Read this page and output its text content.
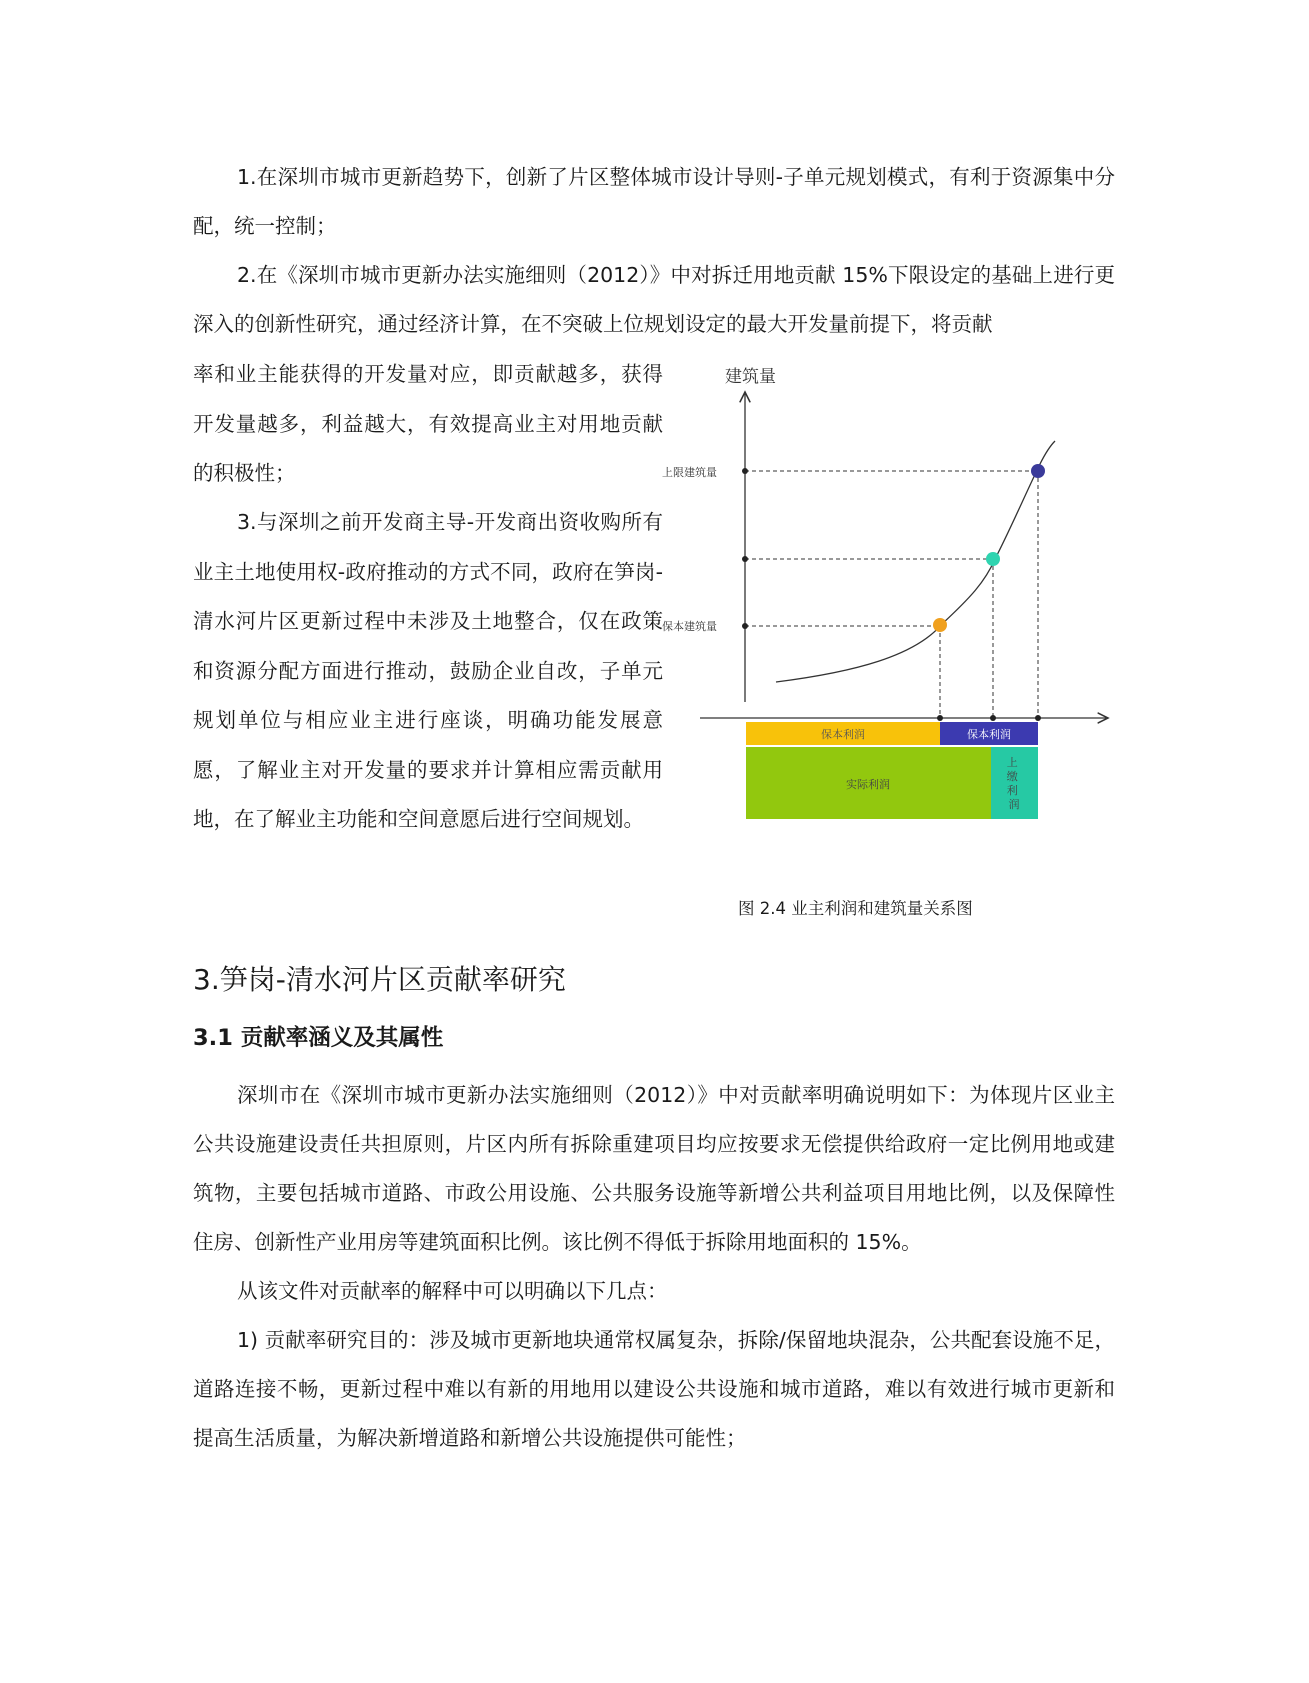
1.在深圳市城市更新趋势下，创新了片区整体城市设计导则-子单元规划模式，有利于资源集中分配，统一控制；

2.在《深圳市城市更新办法实施细则（2012）》中对拆迁用地贡献 15%下限设定的基础上进行更深入的创新性研究，通过经济计算，在不突破上位规划设定的最大开发量前提下，将贡献

率和业主能获得的开发量对应，即贡献越多，获得开发量越多，利益越大，有效提高业主对用地贡献的积极性；

3.与深圳之前开发商主导-开发商出资收购所有业主土地使用权-政府推动的方式不同，政府在笋岗-清水河片区更新过程中未涉及土地整合，仅在政策和资源分配方面进行推动，鼓励企业自改，子单元规划单位与相应业主进行座谈，明确功能发展意愿，了解业主对开发量的要求并计算相应需贡献用地，在了解业主功能和空间意愿后进行空间规划。

建筑量
上限建筑量
保本建筑量
保本利润	保本利润
实际利润
上 缴 利 润

图 2.4 业主利润和建筑量关系图

3.笋岗-清水河片区贡献率研究
3.1 贡献率涵义及其属性

深圳市在《深圳市城市更新办法实施细则（2012）》中对贡献率明确说明如下：为体现片区业主公共设施建设责任共担原则，片区内所有拆除重建项目均应按要求无偿提供给政府一定比例用地或建筑物，主要包括城市道路、市政公用设施、公共服务设施等新增公共利益项目用地比例，以及保障性住房、创新性产业用房等建筑面积比例。该比例不得低于拆除用地面积的 15%。

从该文件对贡献率的解释中可以明确以下几点：

1) 贡献率研究目的：涉及城市更新地块通常权属复杂，拆除/保留地块混杂，公共配套设施不足，道路连接不畅，更新过程中难以有新的用地用以建设公共设施和城市道路，难以有效进行城市更新和提高生活质量，为解决新增道路和新增公共设施提供可能性；
